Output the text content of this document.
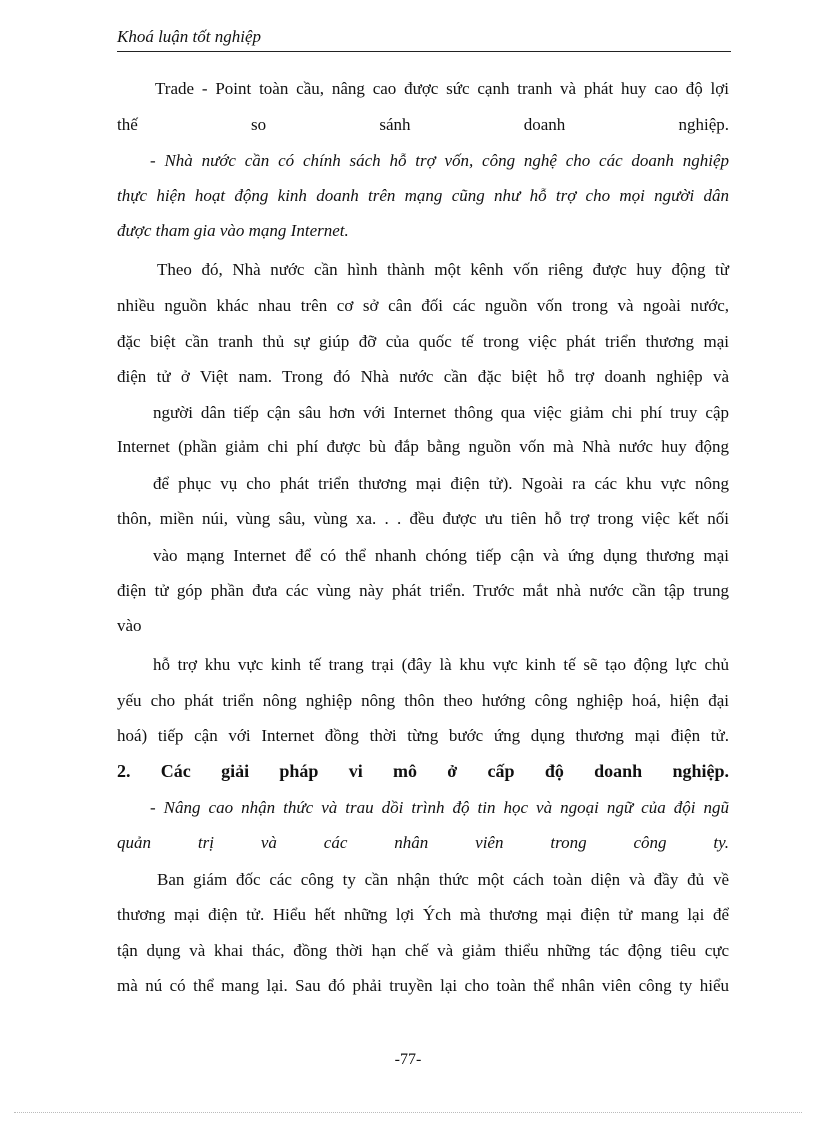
Khoá luận tốt nghiệp
Trade - Point toàn cầu, nâng cao được sức cạnh tranh và phát huy cao độ lợi
thế so sánh doanh nghiệp.
- Nhà nước cần có chính sách hỗ trợ vốn, công nghệ cho các doanh nghiệp
thực hiện hoạt động kinh doanh trên mạng cũng như hỗ trợ cho mọi người dân
được tham gia vào mạng Internet.
Theo đó, Nhà nước cần hình thành một kênh vốn riêng được huy động từ
nhiều nguồn khác nhau trên cơ sở cân đối các nguồn vốn trong và ngoài nước,
đặc biệt cần tranh thủ sự giúp đỡ của quốc tế trong việc phát triển thương mại
điện tử ở Việt nam. Trong đó Nhà nước cần đặc biệt hỗ trợ doanh nghiệp và
người dân tiếp cận sâu hơn với Internet thông qua việc giảm chi phí truy cập
Internet (phần giảm chi phí được bù đắp bằng nguồn vốn mà Nhà nước huy động
để phục vụ cho phát triển thương mại điện tử). Ngoài ra các khu vực nông
thôn, miền núi, vùng sâu, vùng xa. . . đều được ưu tiên hỗ trợ trong việc kết nối
vào mạng Internet để có thể nhanh chóng tiếp cận và ứng dụng thương mại
điện tử góp phần đưa các vùng này phát triển. Trước mắt nhà nước cần tập trung
vào
hỗ trợ khu vực kinh tế trang trại (đây là khu vực kinh tế sẽ tạo động lực chủ
yếu cho phát triển nông nghiệp nông thôn theo hướng công nghiệp hoá, hiện đại
hoá) tiếp cận với Internet đồng thời từng bước ứng dụng thương mại điện tử.
2. Các giải pháp vi mô ở cấp độ doanh nghiệp.
- Nâng cao nhận thức và trau dồi trình độ tin học và ngoại ngữ của đội ngũ
quản trị và các nhân viên trong công ty.
Ban giám đốc các công ty cần nhận thức một cách toàn diện và đầy đủ về
thương mại điện tử. Hiểu hết những lợi Ých mà thương mại điện tử mang lại để
tận dụng và khai thác, đồng thời hạn chế và giảm thiểu những tác động tiêu cực
mà nú có thể mang lại. Sau đó phải truyền lại cho toàn thể nhân viên công ty hiểu
-77-
